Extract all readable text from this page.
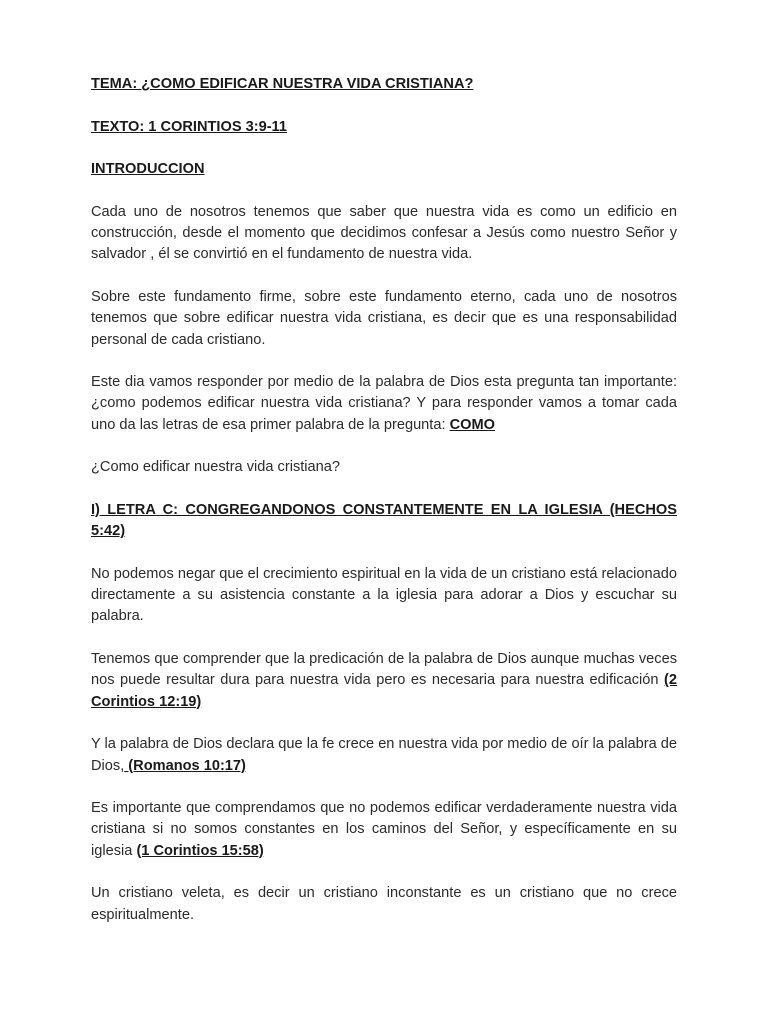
TEMA: ¿COMO EDIFICAR NUESTRA VIDA CRISTIANA?

TEXTO: 1 CORINTIOS 3:9-11

INTRODUCCION

Cada uno de nosotros tenemos que saber que nuestra vida es como un edificio en construcción, desde el momento que decidimos confesar a Jesús como nuestro Señor y salvador , él se convirtió en el fundamento de nuestra vida.

Sobre este fundamento firme, sobre este fundamento eterno, cada uno de nosotros tenemos que sobre edificar nuestra vida cristiana, es decir que es una responsabilidad personal de cada cristiano.

Este dia vamos responder por medio de la palabra de Dios esta pregunta tan importante: ¿como podemos edificar nuestra vida cristiana? Y para responder vamos a tomar cada uno da las letras de esa primer palabra de la pregunta: COMO

¿Como edificar nuestra vida cristiana?

I) LETRA C: CONGREGANDONOS CONSTANTEMENTE EN LA IGLESIA (HECHOS 5:42)

No podemos negar que el crecimiento espiritual en la vida de un cristiano está relacionado directamente a su asistencia constante a la iglesia para adorar a Dios y escuchar su palabra.

Tenemos que comprender que la predicación de la palabra de Dios aunque muchas veces nos puede resultar dura para nuestra vida pero es necesaria para nuestra edificación (2 Corintios 12:19)

Y la palabra de Dios declara que la fe crece en nuestra vida por medio de oír la palabra de Dios, (Romanos 10:17)

Es importante que comprendamos que no podemos edificar verdaderamente nuestra vida cristiana si no somos constantes en los caminos del Señor, y específicamente en su iglesia (1 Corintios 15:58)

Un cristiano veleta, es decir un cristiano inconstante es un cristiano que no crece espiritualmente.
